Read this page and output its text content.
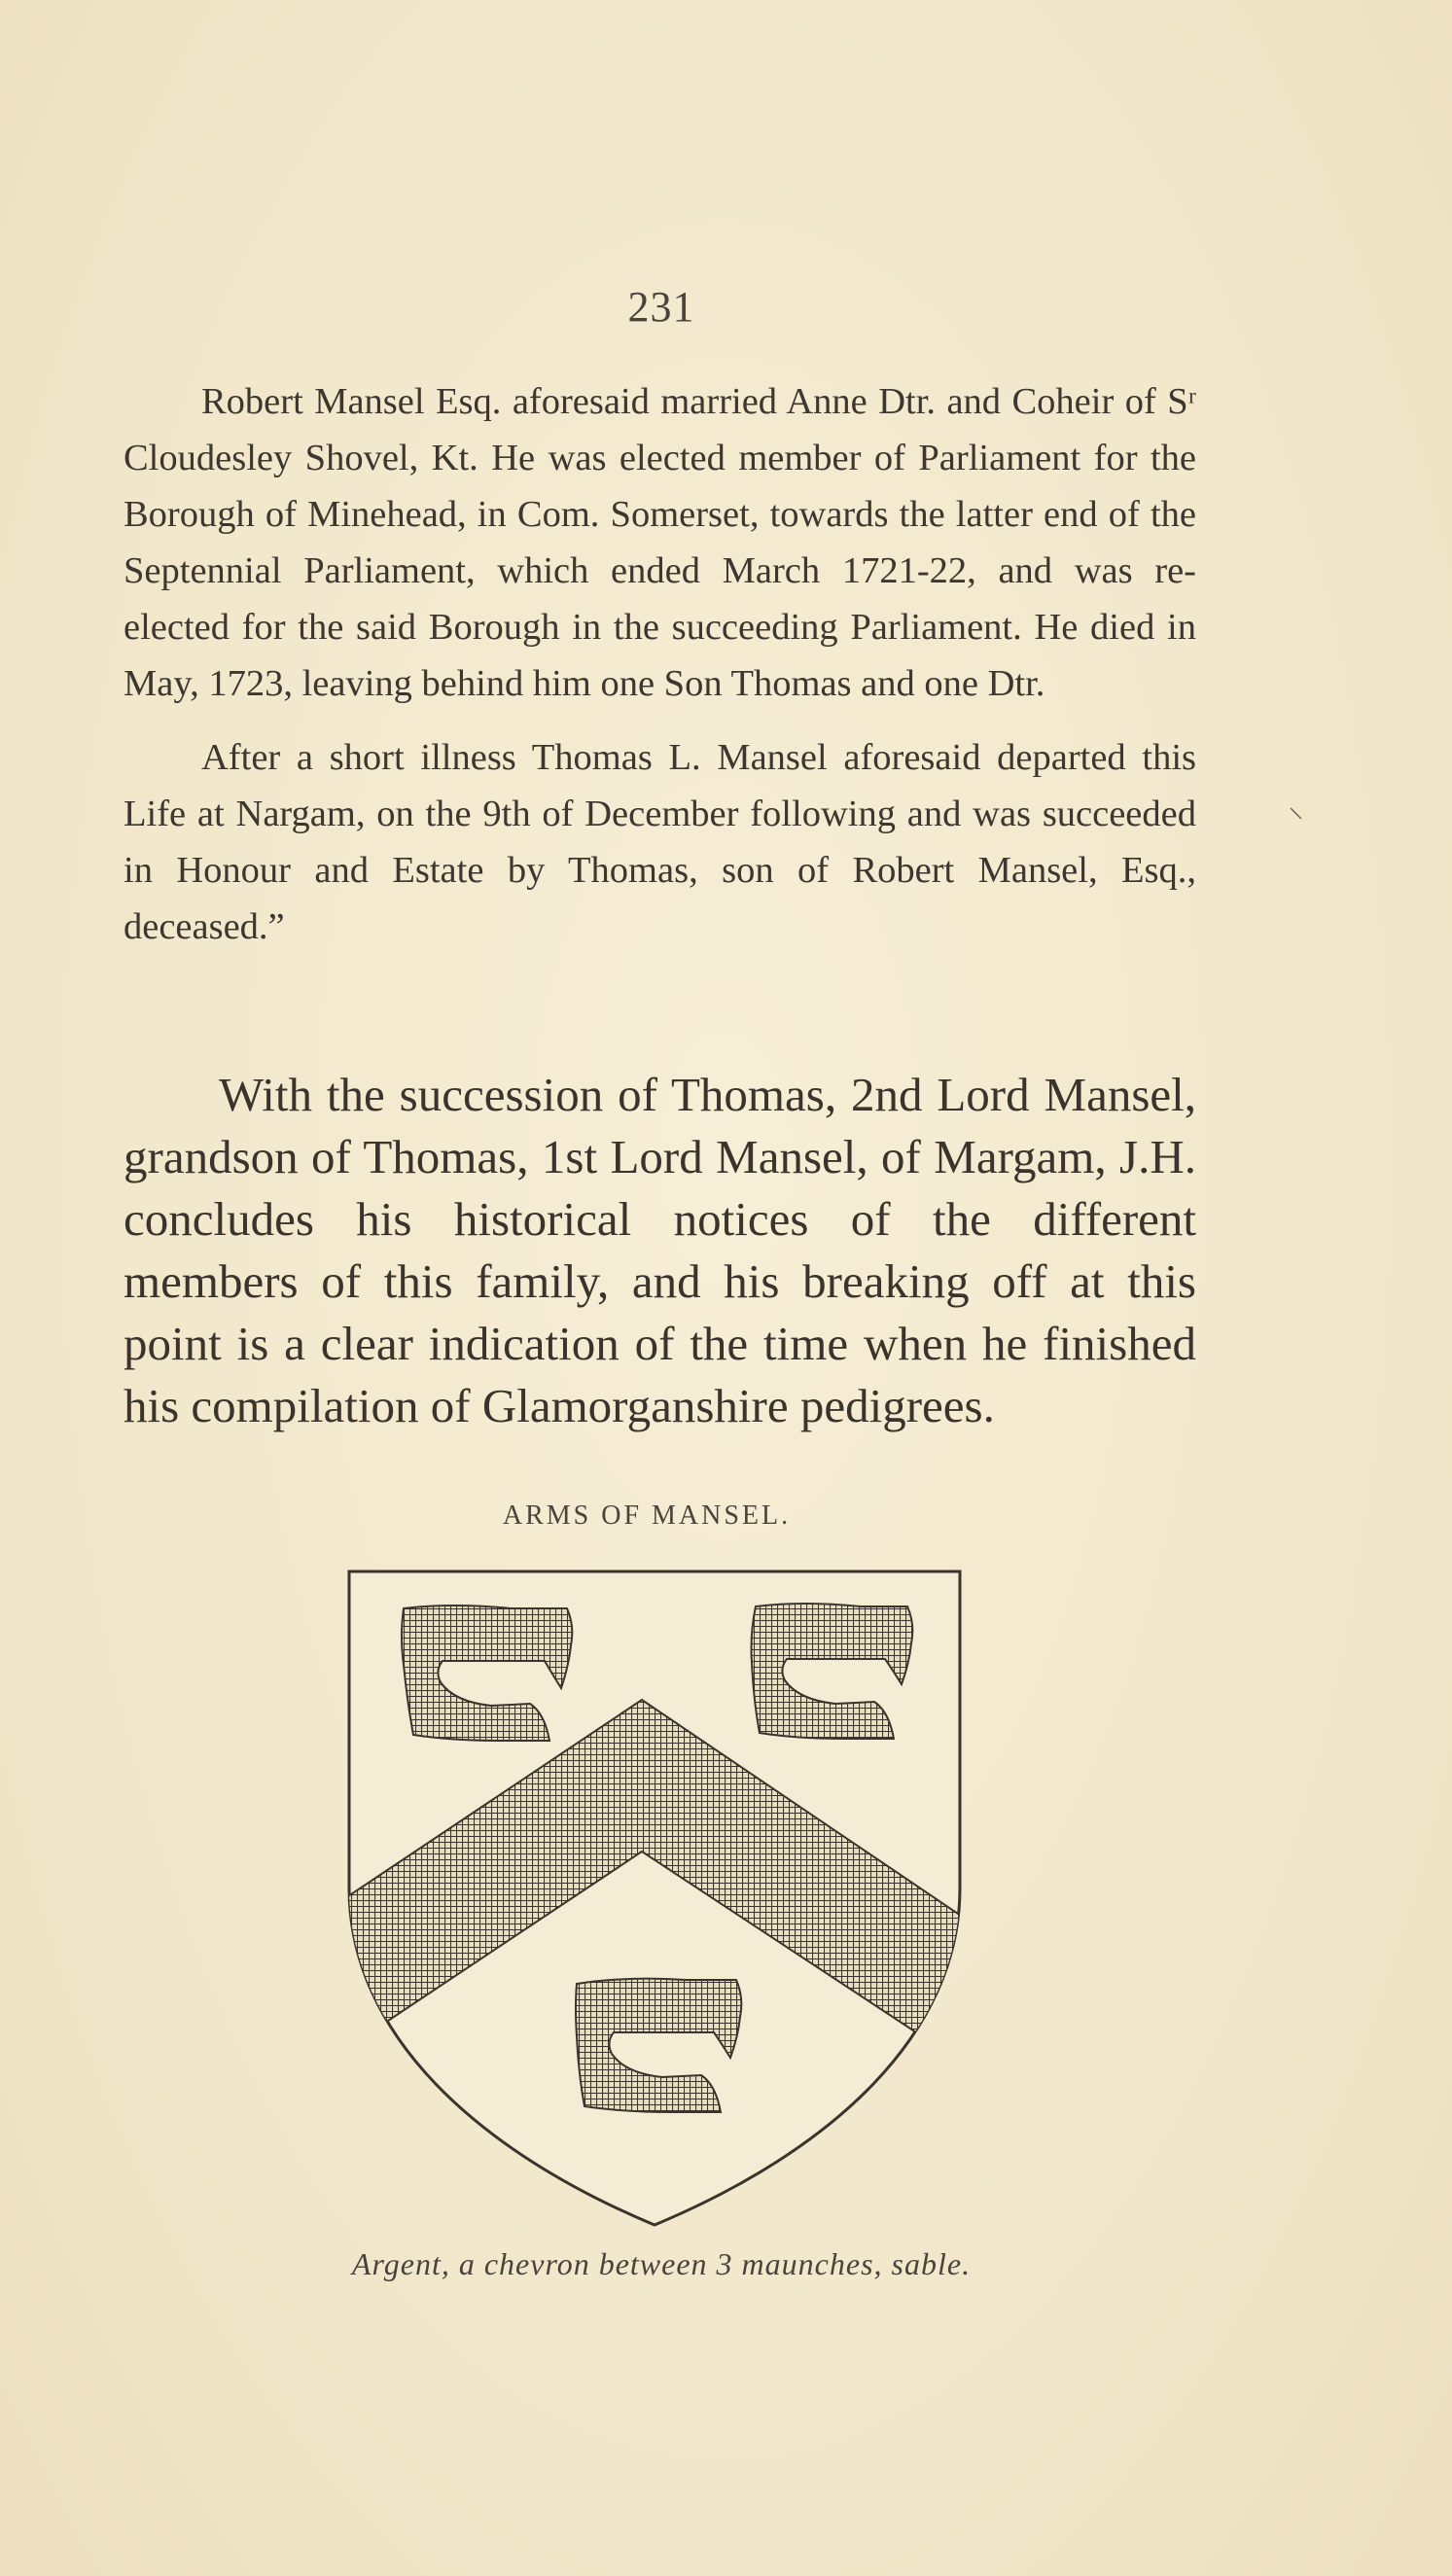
231

Robert Mansel Esq. aforesaid married Anne Dtr. and Coheir of Sʳ Cloudesley Shovel, Kt. He was elected member of Parliament for the Borough of Minehead, in Com. Somerset, towards the latter end of the Septennial Parliament, which ended March 1721-22, and was re-elected for the said Borough in the succeeding Parliament. He died in May, 1723, leaving behind him one Son Thomas and one Dtr.

After a short illness Thomas L. Mansel aforesaid departed this Life at Nargam, on the 9th of December following and was succeeded in Honour and Estate by Thomas, son of Robert Mansel, Esq., deceased.”

With the succession of Thomas, 2nd Lord Mansel, grandson of Thomas, 1st Lord Mansel, of Margam, J.H. concludes his historical notices of the different members of this family, and his breaking off at this point is a clear indication of the time when he finished his compilation of Glamorganshire pedigrees.

ARMS OF MANSEL.
Argent, a chevron between 3 maunches, sable.
